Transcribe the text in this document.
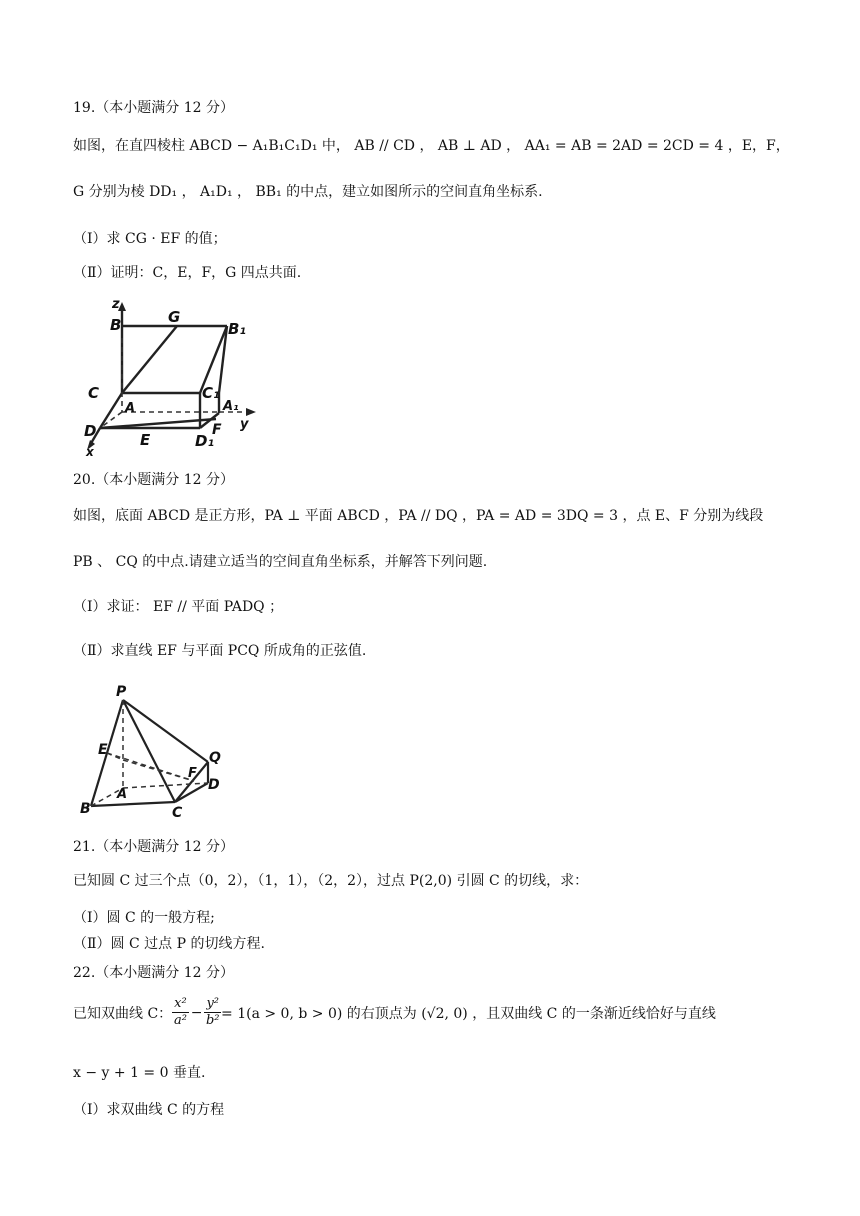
19.（本小题满分 12 分）
如图，在直四棱柱 ABCD − A₁B₁C₁D₁ 中， AB // CD ， AB ⊥ AD ， AA₁ = AB = 2AD = 2CD = 4 ，E，F，
G 分别为棱 DD₁ ， A₁D₁ ， BB₁ 的中点，建立如图所示的空间直角坐标系.
（Ⅰ）求 CG · EF 的值；
（Ⅱ）证明：C，E，F，G 四点共面.
z
B	G
B₁
C	C₁
A	A₁
y
D	E	D₁
F
x
20.（本小题满分 12 分）
如图，底面 ABCD 是正方形，PA ⊥ 平面 ABCD ，PA // DQ ，PA = AD = 3DQ = 3 ，点 E、F 分别为线段
PB 、 CQ 的中点.请建立适当的空间直角坐标系，并解答下列问题.
（Ⅰ）求证： EF // 平面 PADQ ；
（Ⅱ）求直线 EF 与平面 PCQ 所成角的正弦值.
P
E	Q
F
D
A
B	C
21.（本小题满分 12 分）
已知圆 C 过三个点（0，2），（1，1），（2，2），过点 P(2,0) 引圆 C 的切线，求：
（Ⅰ）圆 C 的一般方程;
（Ⅱ）圆 C 过点 P 的切线方程.
22.（本小题满分 12 分）
已知双曲线 C： $\frac{\text{x²}}{\text{a²}} - \frac{\text{y²}}{\text{b²}} = 1(a > 0$, b > 0) 的右顶点为 (√2, 0) ，且双曲线 C 的一条渐近线恰好与直线
x − y + 1 = 0 垂直.
（Ⅰ）求双曲线 C 的方程
